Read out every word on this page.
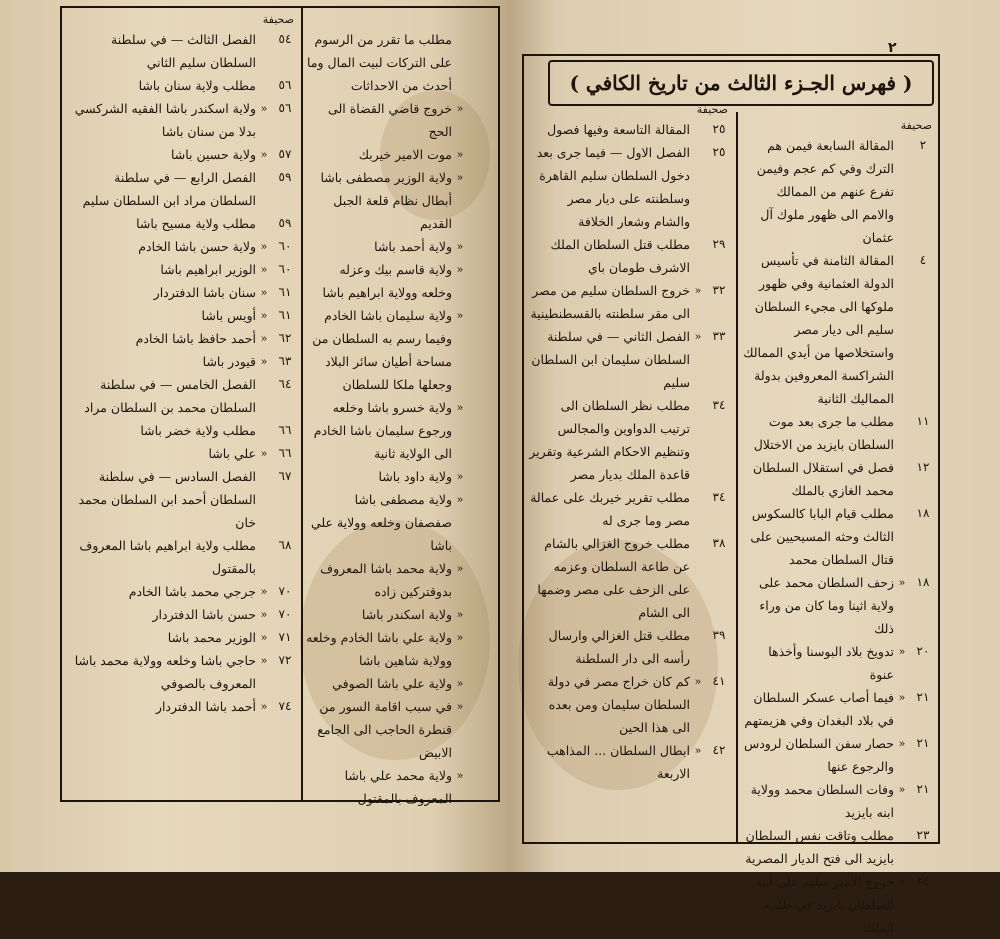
صحيفة
٥٤
الفصل الثالث — في سلطنة السلطان سليم الثاني
٥٦
مطلب ولاية سنان باشا
٥٦
«
ولاية اسكندر باشا الفقيه الشركسي بدلا من سنان باشا
٥٧
«
ولاية حسين باشا
٥٩
الفصل الرابع — في سلطنة السلطان مراد ابن السلطان سليم
٥٩
مطلب ولاية مسيح باشا
٦٠
«
ولاية حسن باشا الخادم
٦٠
«
الوزير ابراهيم باشا
٦١
«
سنان باشا الدفتردار
٦١
«
أويس باشا
٦٢
«
أحمد حافظ باشا الخادم
٦٣
«
قيودر باشا
٦٤
الفصل الخامس — في سلطنة السلطان محمد بن السلطان مراد
٦٦
مطلب ولاية خضر باشا
٦٦
«
علي باشا
٦٧
الفصل السادس — في سلطنة السلطان أحمد ابن السلطان محمد خان
٦٨
مطلب ولاية ابراهيم باشا المعروف بالمقتول
٧٠
«
جرجي محمد باشا الخادم
٧٠
«
حسن باشا الدفتردار
٧١
«
الوزير محمد باشا
٧٢
«
حاجي باشا وخلعه وولاية محمد باشا المعروف بالصوفي
٧٤
«
أحمد باشا الدفتردار
مطلب ما تقرر من الرسوم على التركات لبيت المال وما أحدث من الاحداثات
«
خروج قاضي القضاة الى الحج
«
موت الامير خيربك
«
ولاية الوزير مصطفى باشا
أبطال نظام قلعة الجبل القديم
«
ولاية أحمد باشا
«
ولاية قاسم بيك وعزله وخلعه وولاية ابراهيم باشا
«
ولاية سليمان باشا الخادم وفيما رسم به السلطان من مساحة أطيان سائر البلاد وجعلها ملكا للسلطان
«
ولاية خسرو باشا وخلعه ورجوع سليمان باشا الخادم الى الولاية ثانية
«
ولاية داود باشا
«
ولاية مصطفى باشا صفصفان وخلعه وولاية علي باشا
«
ولاية محمد باشا المعروف بدوقتركين زاده
«
ولاية اسكندر باشا
«
ولاية علي باشا الخادم وخلعه وولاية شاهين باشا
«
ولاية علي باشا الصوفي
«
في سبب اقامة السور من قنطرة الحاجب الى الجامع الابيض
«
ولاية محمد علي باشا المعروف بالمقتول
٢
( فهرس الجـزء الثالث من تاريخ الكافي )
صحيفة
٢
المقالة السابعة فيمن هم الترك وفي كم عجم وفيمن تفرع عنهم من الممالك والامم الى ظهور ملوك آل عثمان
٤
المقالة الثامنة في تأسيس الدولة العثمانية وفي ظهور ملوكها الى مجيء السلطان سليم الى ديار مصر واستخلاصها من أيدي الممالك الشراكسة المعروفين بدولة المماليك الثانية
١١
مطلب ما جرى بعد موت السلطان بايزيد من الاختلال
١٢
فصل في استقلال السلطان محمد الغازي بالملك
١٨
مطلب قيام البابا كالسكوس الثالث وحثه المسيحيين على قتال السلطان محمد
١٨
«
زحف السلطان محمد على ولاية اثينا وما كان من وراء ذلك
٢٠
«
تدويخ بلاد البوسنا وأخذها عنوة
٢١
«
فيما أصاب عسكر السلطان في بلاد البغدان وفي هزيمتهم
٢١
«
حصار سفن السلطان لرودس والرجوع عنها
٢١
«
وفات السلطان محمد وولاية ابنه بايزيد
٢٣
مطلب وتاقت نفس السلطان بايزيد الى فتح الديار المصرية
٢٤
«
خروج الامير سليم على أبيه السلطان بايزيد في طلب الملك
صحيفة
٢٥
المقالة التاسعة وفيها فصول
٢٥
الفصل الاول — فيما جرى بعد دخول السلطان سليم القاهرة وسلطنته على ديار مصر والشام وشعار الخلافة
٢٩
مطلب قتل السلطان الملك الاشرف طومان باي
٣٢
«
خروج السلطان سليم من مصر الى مقر سلطنته بالقسطنطينية
٣٣
«
الفصل الثاني — في سلطنة السلطان سليمان ابن السلطان سليم
٣٤
مطلب نظر السلطان الى ترتيب الدواوين والمجالس وتنظيم الاحكام الشرعية وتقرير قاعدة الملك بديار مصر
٣٤
مطلب تقرير خيربك على عمالة مصر وما جرى له
٣٨
مطلب خروج الغزالي بالشام عن طاعة السلطان وعزمه على الزحف على مصر وضمها الى الشام
٣٩
مطلب قتل الغزالي وارسال رأسه الى دار السلطنة
٤١
«
كم كان خراج مصر في دولة السلطان سليمان ومن بعده الى هذا الحين
٤٢
«
ابطال السلطان ... المذاهب الاربعة
